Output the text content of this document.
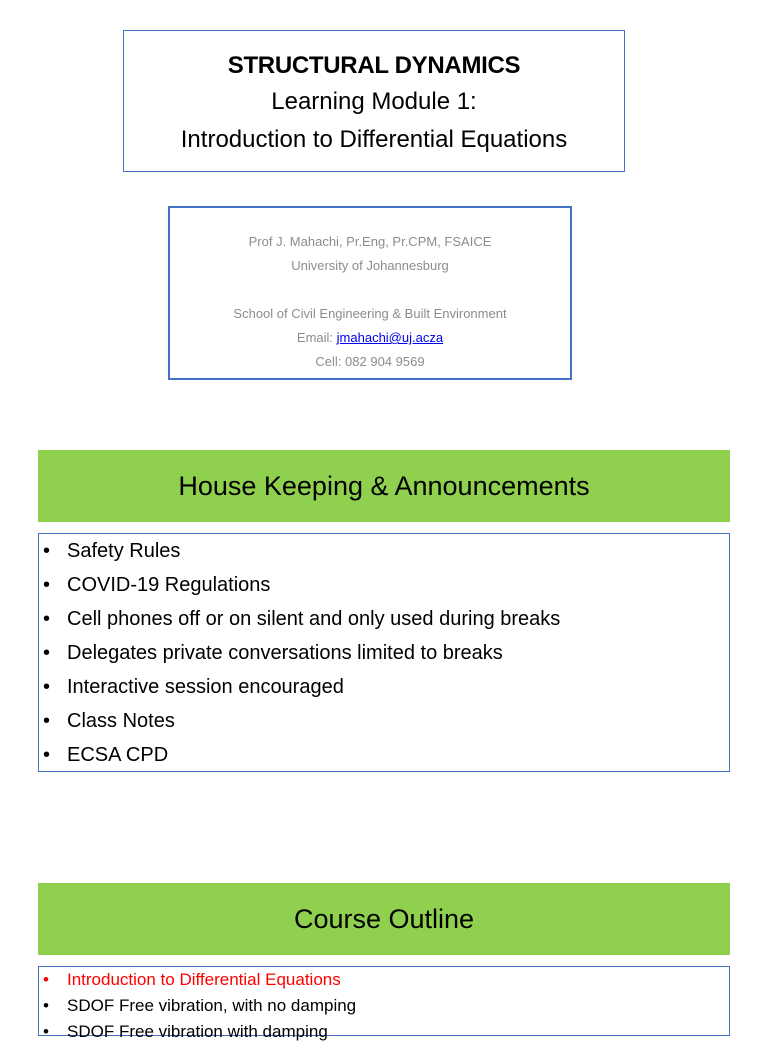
STRUCTURAL DYNAMICS
Learning Module 1:
Introduction to Differential Equations
Prof J. Mahachi, Pr.Eng, Pr.CPM, FSAICE
University of Johannesburg
School of Civil Engineering & Built Environment
Email: jmahachi@uj.acza
Cell: 082 904 9569
House Keeping & Announcements
• Safety Rules
• COVID-19 Regulations
• Cell phones off or on silent and only used during breaks
• Delegates private conversations limited to breaks
• Interactive session encouraged
• Class Notes
• ECSA CPD
Course Outline
• Introduction to Differential Equations
• SDOF Free vibration, with no damping
• SDOF Free vibration with damping
